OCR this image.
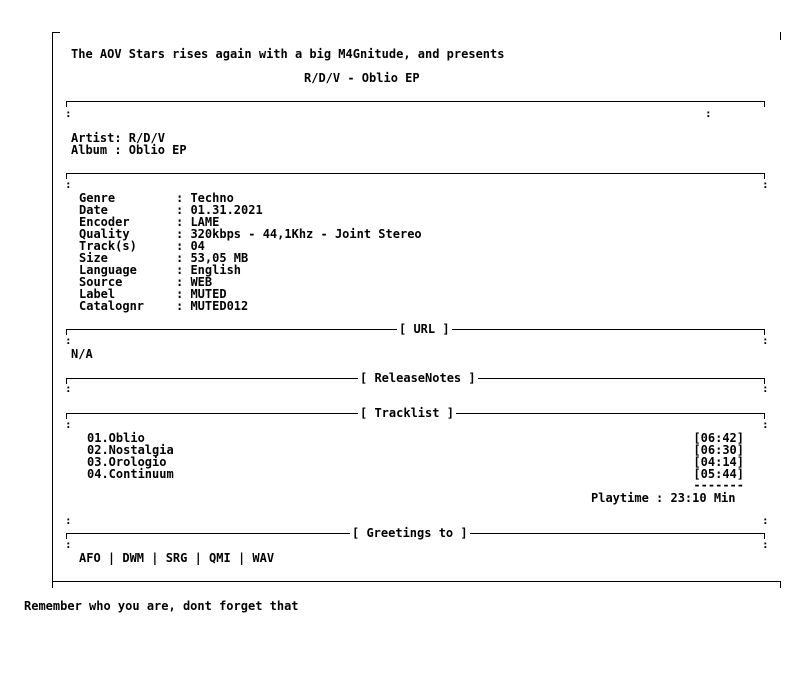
The AOV Stars rises again with a big M4Gnitude, and presents
R/D/V - Oblio EP
:	:
Artist: R/D/V
Album : Oblio EP
:	:
Genre	: Techno
Date	: 01.31.2021
Encoder	: LAME
Quality	: 320kbps - 44,1Khz - Joint Stereo
Track(s)	: 04
Size	: 53,05 MB
Language	: English
Source	: WEB
Label	: MUTED
Catalognr	: MUTED012
[ URL ]
:	:
N/A
[ ReleaseNotes ]
:	:
[ Tracklist ]
:	:
01.Oblio	[06:42]
02.Nostalgia	[06:30]
03.Orologio	[04:14]
04.Continuum	[05:44]
-------
Playtime : 23:10 Min
:	:
[ Greetings to ]
:	:
AFO | DWM | SRG | QMI | WAV
Remember who you are, dont forget that
